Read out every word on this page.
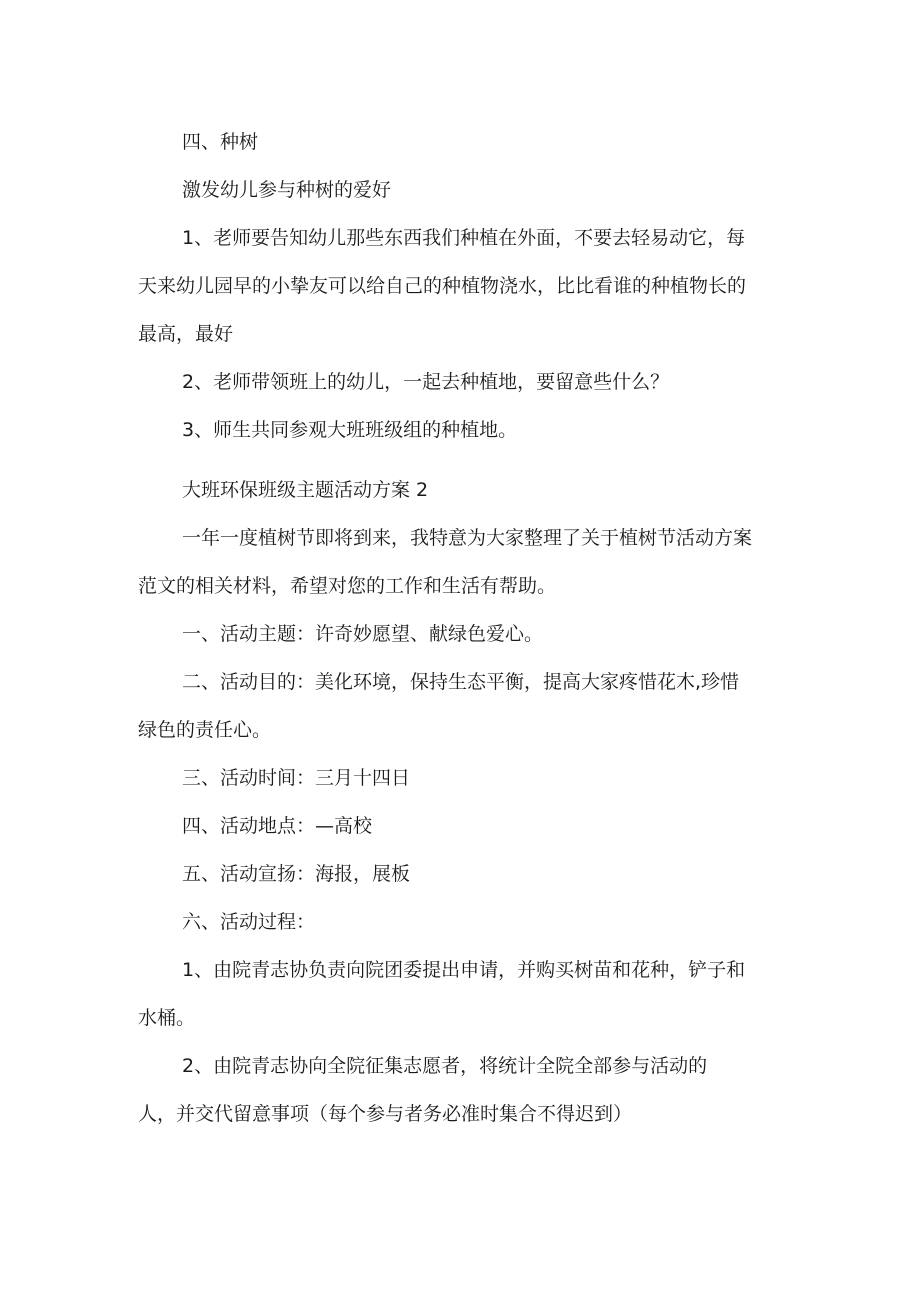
四、种树

激发幼儿参与种树的爱好

1、老师要告知幼儿那些东西我们种植在外面，不要去轻易动它，每

天来幼儿园早的小挚友可以给自己的种植物浇水，比比看谁的种植物长的

最高，最好

2、老师带领班上的幼儿，一起去种植地，要留意些什么？

3、师生共同参观大班班级组的种植地。

大班环保班级主题活动方案 2

一年一度植树节即将到来，我特意为大家整理了关于植树节活动方案

范文的相关材料，希望对您的工作和生活有帮助。

一、活动主题：许奇妙愿望、献绿色爱心。

二、活动目的：美化环境，保持生态平衡，提高大家疼惜花木,珍惜

绿色的责任心。

三、活动时间：三月十四日

四、活动地点：—高校

五、活动宣扬：海报，展板

六、活动过程：

1、由院青志协负责向院团委提出申请，并购买树苗和花种，铲子和

水桶。

2、由院青志协向全院征集志愿者，将统计全院全部参与活动的

人，并交代留意事项（每个参与者务必准时集合不得迟到）
